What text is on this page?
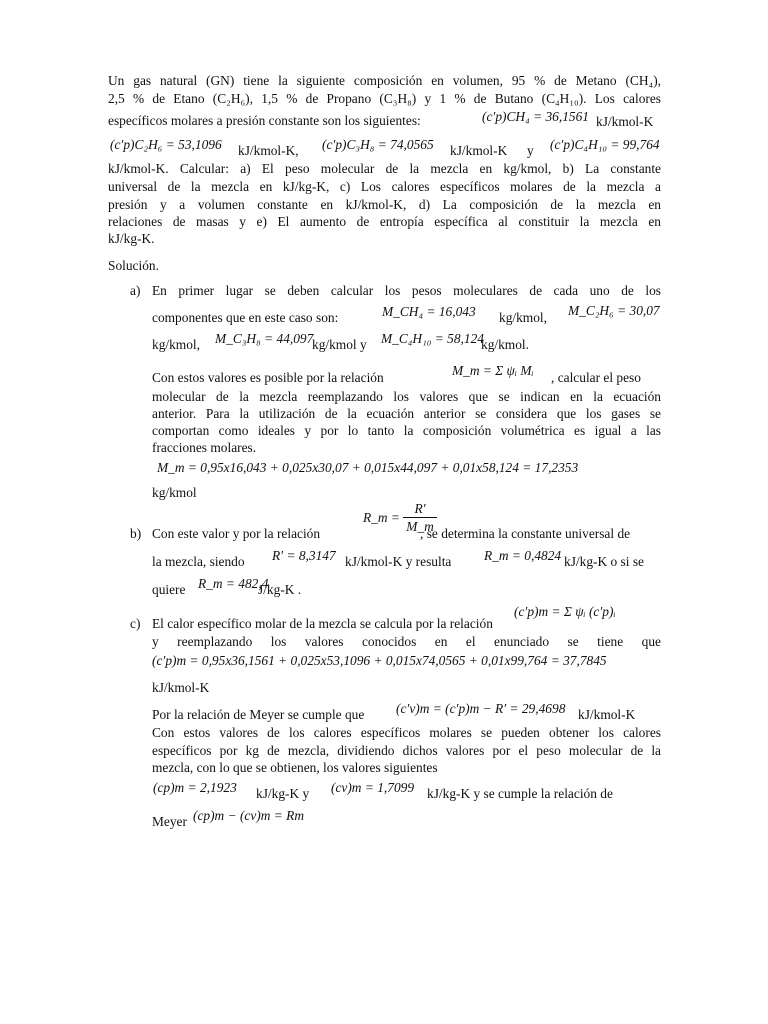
Un gas natural (GN) tiene la siguiente composición en volumen, 95 % de Metano (CH₄),
2,5 % de Etano (C₂H₆), 1,5 % de Propano (C₃H₈) y 1 % de Butano (C₄H₁₀). Los calores
específicos molares a presión constante son los siguientes:	(c′p)CH₄ = 36,1561 kJ/kmol-K
(c′p)C₂H₆ = 53,1096 kJ/kmol-K, (c′p)C₃H₈ = 74,0565 kJ/kmol-K y (c′p)C₄H₁₀ = 99,764
kJ/kmol-K. Calcular: a) El peso molecular de la mezcla en kg/kmol, b) La constante
universal de la mezcla en kJ/kg-K, c) Los calores específicos molares de la mezcla a
presión y a volumen constante en kJ/kmol-K, d) La composición de la mezcla en
relaciones de masas y e) El aumento de entropía específica al constituir la mezcla en
kJ/kg-K.
Solución.
a) En primer lugar se deben calcular los pesos moleculares de cada uno de los
componentes que en este caso son:	M_CH₄ = 16,043 kg/kmol, M_C₂H₆ = 30,07
kg/kmol, M_C₃H₈ = 44,097
kg/kmol y M_C₄H₁₀ = 58,124
kg/kmol.
Con estos valores es posible por la relación	M_m = Σ ψᵢ Mᵢ , calcular el peso
molecular de la mezcla reemplazando los valores que se indican en la ecuación
anterior. Para la utilización de la ecuación anterior se considera que los gases se
comportan como ideales y por lo tanto la composición volumétrica es igual a las
fracciones molares.
M_m = 0,95x16,043 + 0,025x30,07 + 0,015x44,097 + 0,01x58,124 = 17,2353
kg/kmol
b) Con este valor y por la relación
R_m = $\frac{R'}{M\_m}$
, se determina la constante universal de
la mezcla, siendo R′ = 8,3147 kJ/kmol-K y resulta R_m = 0,4824 kJ/kg-K o si se
quiere R_m = 482,4
J/kg-K .
c) El calor específico molar de la mezcla se calcula por la relación
(c′p)m = Σ ψᵢ (c′p)ᵢ
y reemplazando los valores conocidos en el enunciado se tiene que
(c′p)m = 0,95x36,1561 + 0,025x53,1096 + 0,015x74,0565 + 0,01x99,764 = 37,7845
kJ/kmol-K
Por la relación de Meyer se cumple que (c′v)m = (c′p)m − R′ = 29,4698 kJ/kmol-K
Con estos valores de los calores específicos molares se pueden obtener los calores
específicos por kg de mezcla, dividiendo dichos valores por el peso molecular de la
mezcla, con lo que se obtienen, los valores siguientes
(cp)m = 2,1923 kJ/kg-K y (cv)m = 1,7099 kJ/kg-K y se cumple la relación de
Meyer (cp)m − (cv)m = Rm
